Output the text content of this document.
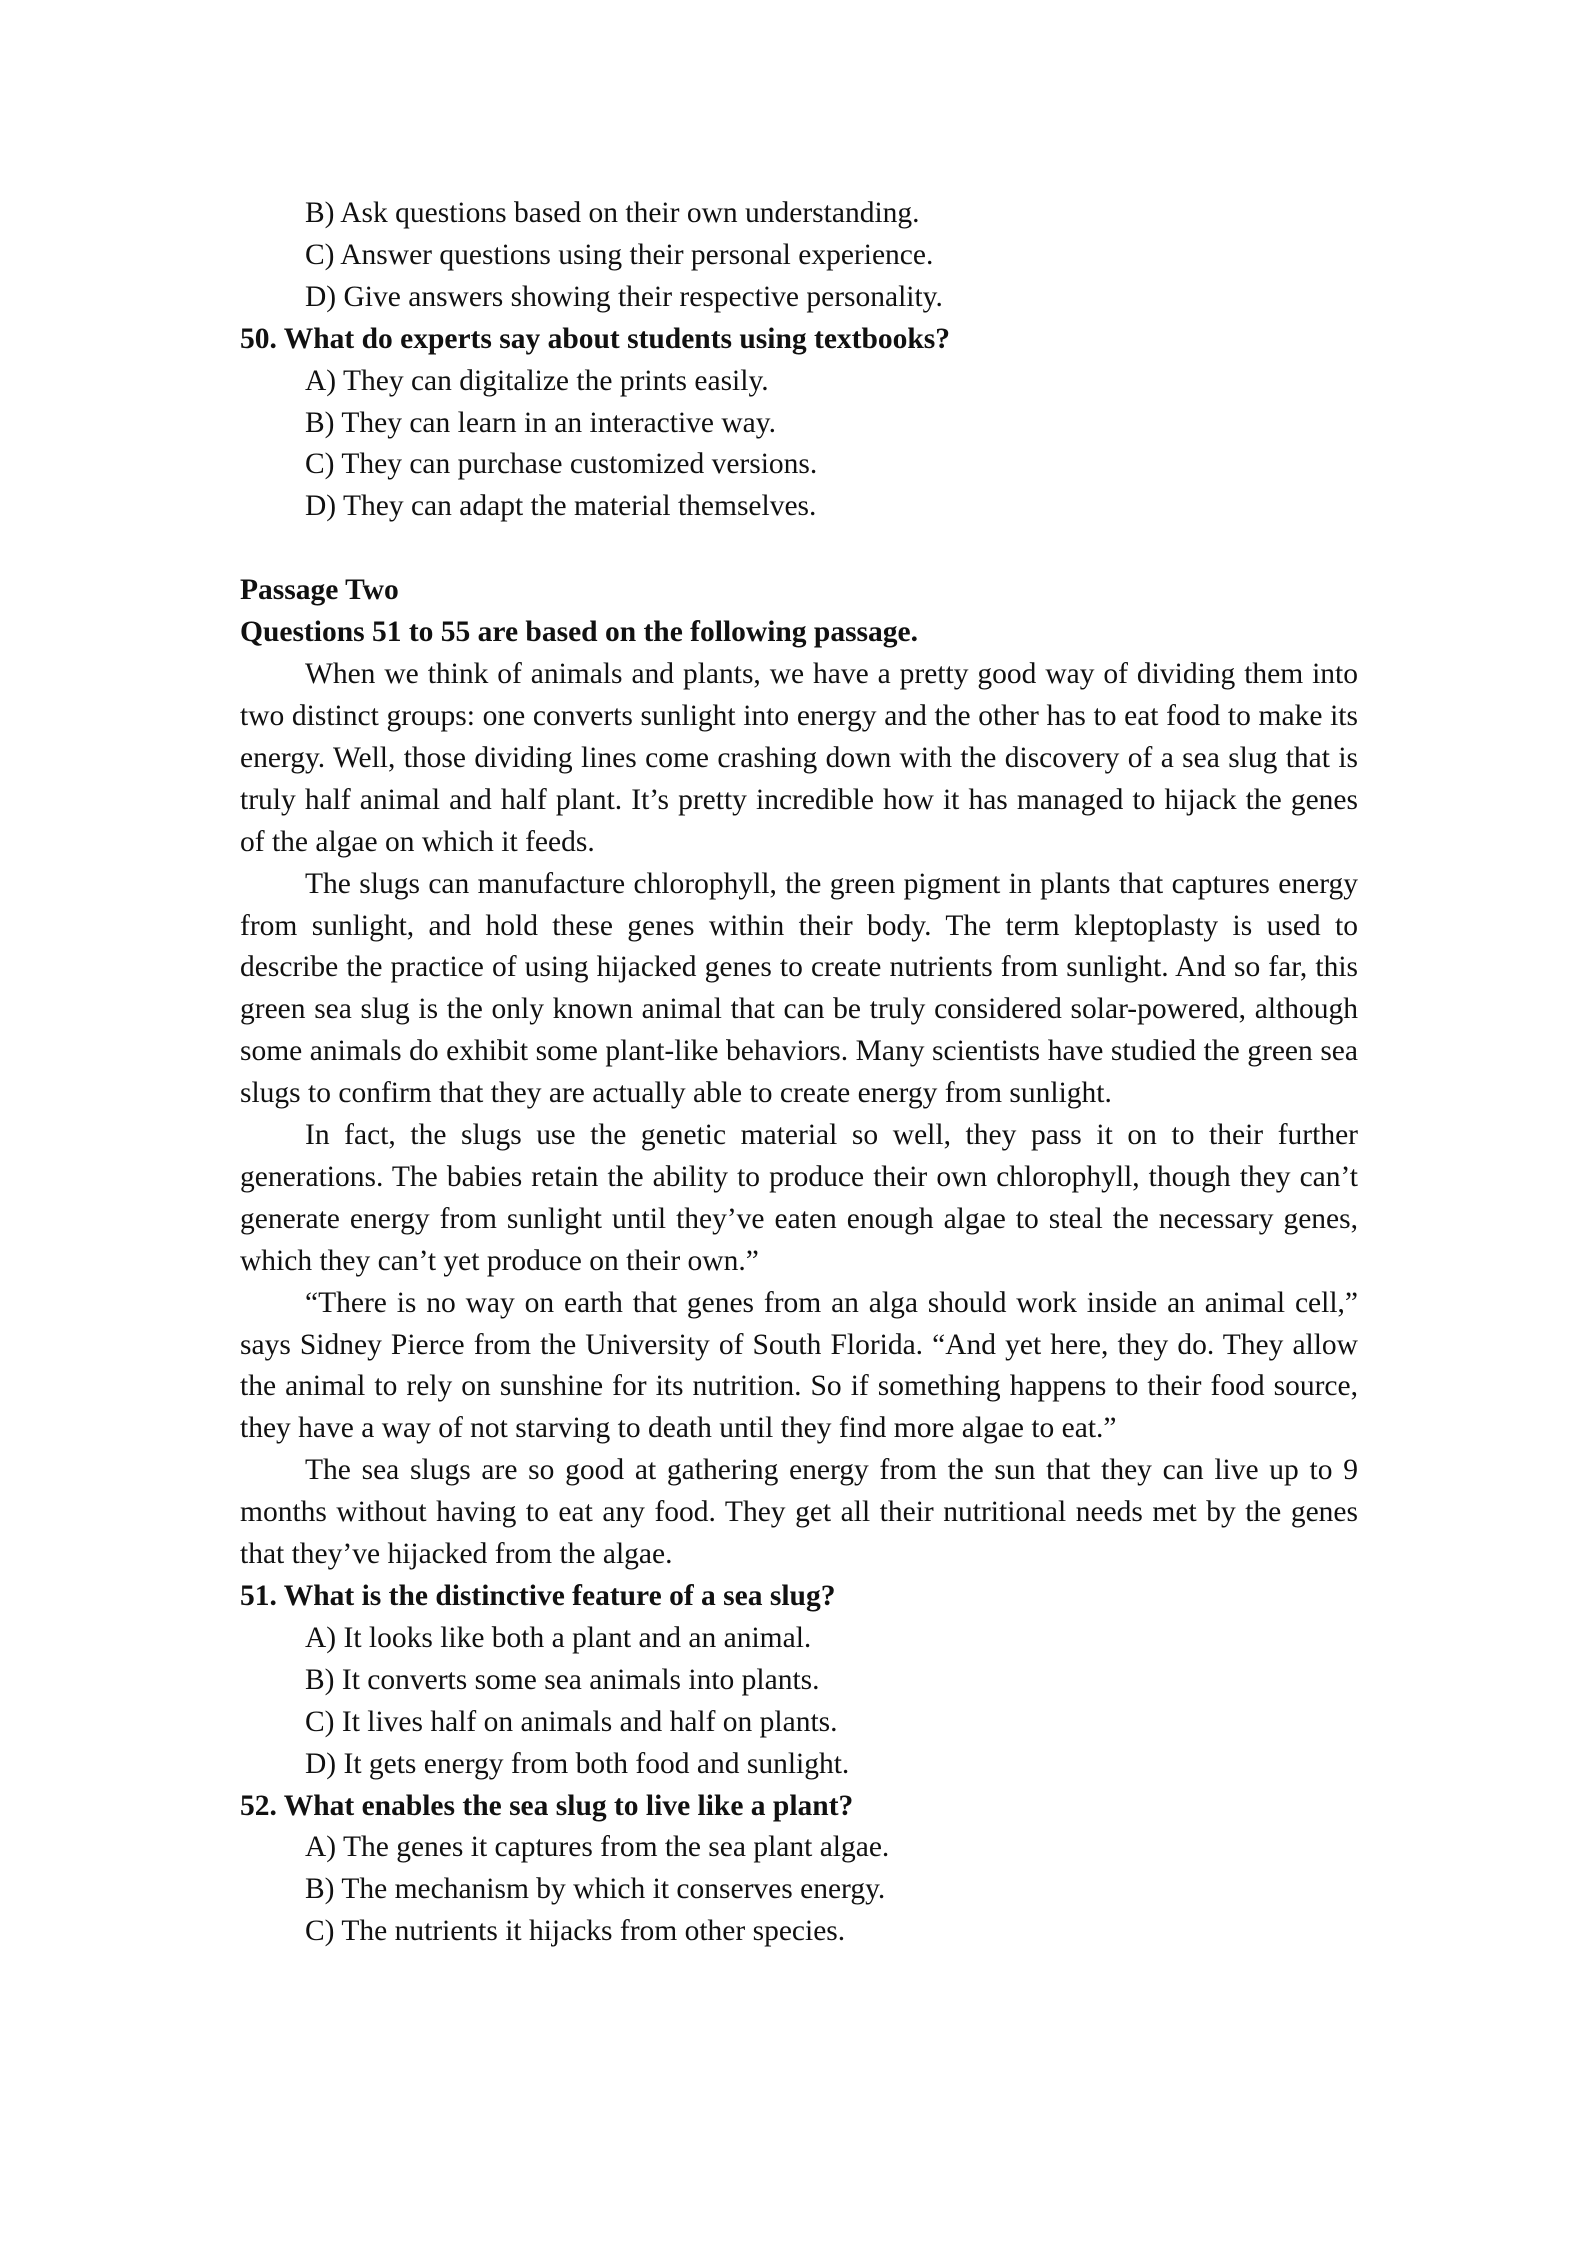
B) Ask questions based on their own understanding.
C) Answer questions using their personal experience.
D) Give answers showing their respective personality.
50. What do experts say about students using textbooks?
A) They can digitalize the prints easily.
B) They can learn in an interactive way.
C) They can purchase customized versions.
D) They can adapt the material themselves.
Passage Two
Questions 51 to 55 are based on the following passage.

When we think of animals and plants, we have a pretty good way of dividing them into two distinct groups: one converts sunlight into energy and the other has to eat food to make its energy. Well, those dividing lines come crashing down with the discovery of a sea slug that is truly half animal and half plant. It’s pretty incredible how it has managed to hijack the genes of the algae on which it feeds.

The slugs can manufacture chlorophyll, the green pigment in plants that captures energy from sunlight, and hold these genes within their body. The term kleptoplasty is used to describe the practice of using hijacked genes to create nutrients from sunlight. And so far, this green sea slug is the only known animal that can be truly considered solar-powered, although some animals do exhibit some plant-like behaviors. Many scientists have studied the green sea slugs to confirm that they are actually able to create energy from sunlight.

In fact, the slugs use the genetic material so well, they pass it on to their further generations. The babies retain the ability to produce their own chlorophyll, though they can’t generate energy from sunlight until they’ve eaten enough algae to steal the necessary genes, which they can’t yet produce on their own.”

“There is no way on earth that genes from an alga should work inside an animal cell,” says Sidney Pierce from the University of South Florida. “And yet here, they do. They allow the animal to rely on sunshine for its nutrition. So if something happens to their food source, they have a way of not starving to death until they find more algae to eat.”

The sea slugs are so good at gathering energy from the sun that they can live up to 9 months without having to eat any food. They get all their nutritional needs met by the genes that they’ve hijacked from the algae.

51. What is the distinctive feature of a sea slug?
A) It looks like both a plant and an animal.
B) It converts some sea animals into plants.
C) It lives half on animals and half on plants.
D) It gets energy from both food and sunlight.
52. What enables the sea slug to live like a plant?
A) The genes it captures from the sea plant algae.
B) The mechanism by which it conserves energy.
C) The nutrients it hijacks from other species.
